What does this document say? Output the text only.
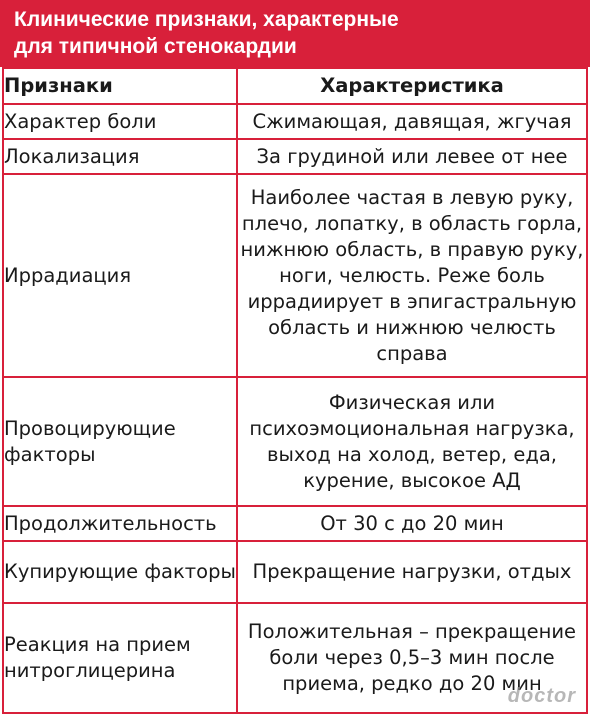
Клинические признаки, характерные
для типичной стенокардии
Признаки	Характеристика
Характер боли	Сжимающая, давящая, жгучая
Локализация	За грудиной или левее от нее
Иррадиация	Наиболее частая в левую руку, плечо, лопатку, в область горла, нижнюю область, в правую руку, ноги, челюсть. Реже боль иррадиирует в эпигастральную область и нижнюю челюсть справа
Провоцирующие факторы	Физическая или психоэмоциональная нагрузка, выход на холод, ветер, еда, курение, высокое АД
Продолжительность	От 30 с до 20 мин
Купирующие факторы	Прекращение нагрузки, отдых
Реакция на прием нитроглицерина	Положительная – прекращение боли через 0,5–3 мин после приема, редко до 20 мин
doctor
